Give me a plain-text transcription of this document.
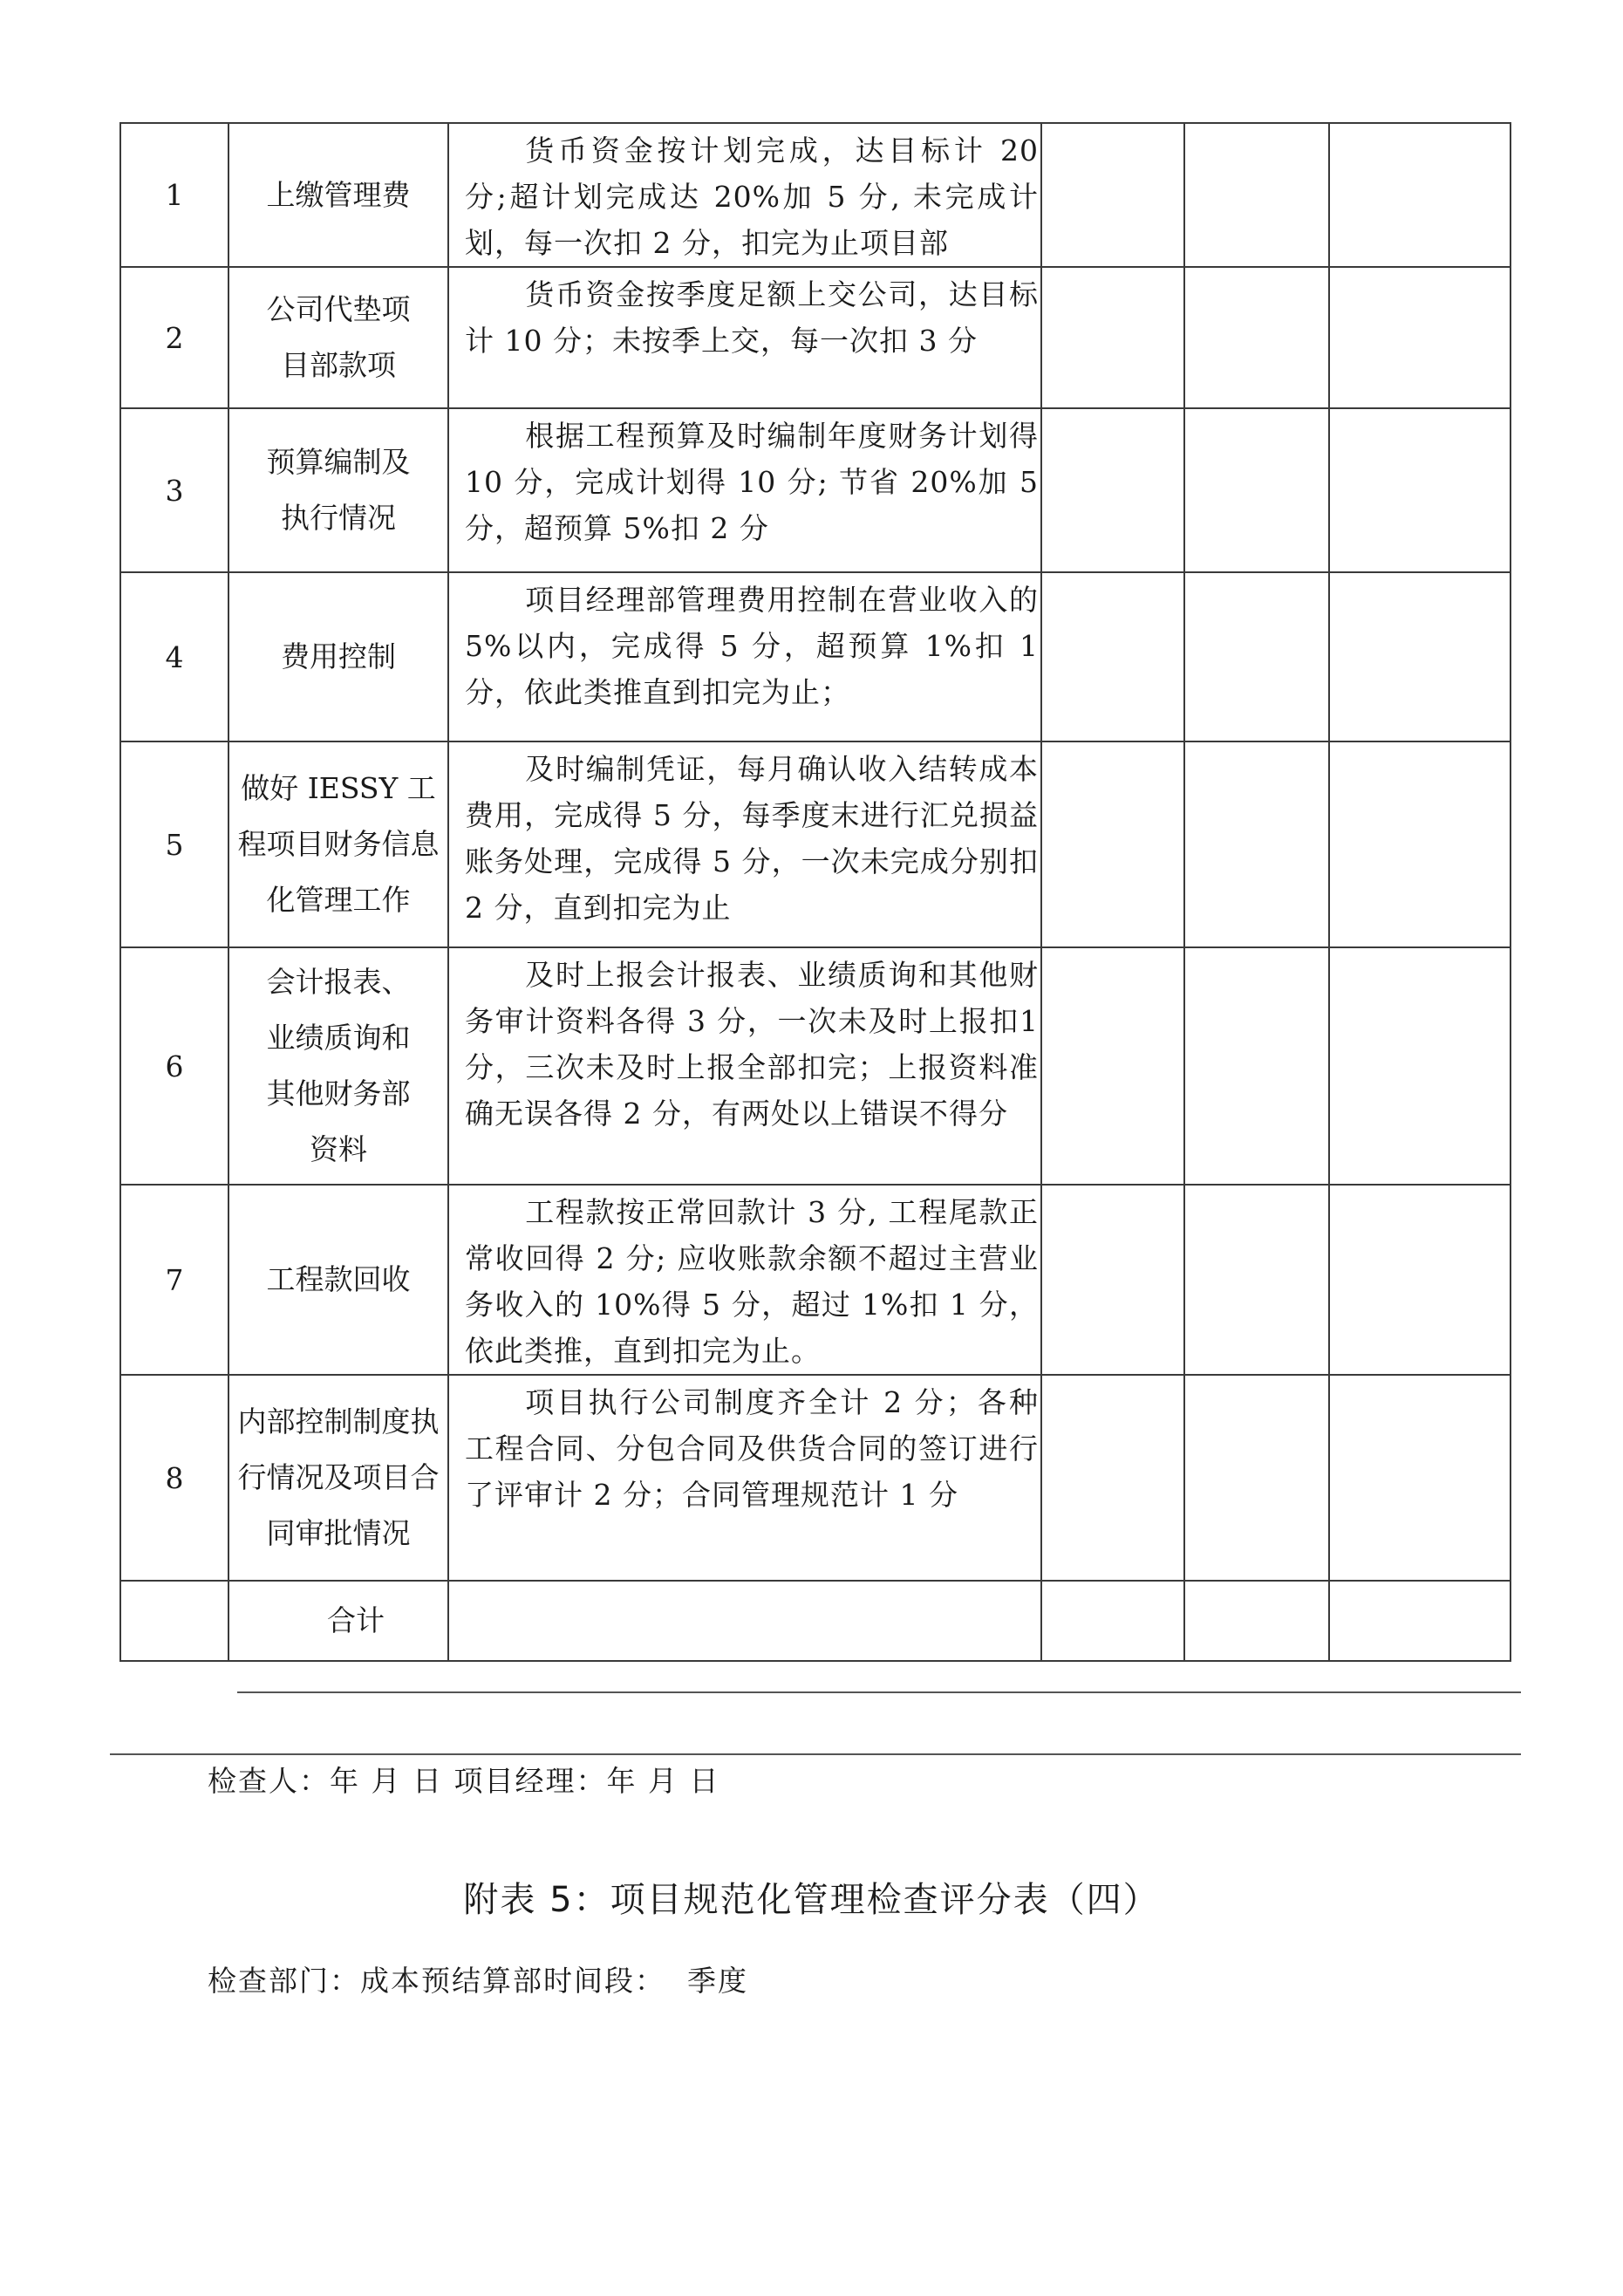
1	上缴管理费	货币资金按计划完成，达目标计 20 分;超计划完成达 20%加 5 分, 未完成计划，每一次扣 2 分，扣完为止项目部			

2	公司代垫项目部款项	货币资金按季度足额上交公司，达目标计 10 分；未按季上交，每一次扣 3 分			

3	预算编制及执行情况	根据工程预算及时编制年度财务计划得 10 分，完成计划得 10 分; 节省 20%加 5分，超预算 5%扣 2 分			

4	费用控制	项目经理部管理费用控制在营业收入的 5%以内，完成得 5 分，超预算 1%扣 1分，依此类推直到扣完为止；			

5	做好 IESSY 工程项目财务信息化管理工作	及时编制凭证，每月确认收入结转成本费用，完成得 5 分，每季度末进行汇兑损益账务处理，完成得 5 分，一次未完成分别扣 2 分，直到扣完为止			

6	会计报表、业绩质询和其他财务部资料	及时上报会计报表、业绩质询和其他财务审计资料各得 3 分，一次未及时上报扣1 分，三次未及时上报全部扣完；上报资料准确无误各得 2 分，有两处以上错误不得分			

7	工程款回收	工程款按正常回款计 3 分, 工程尾款正常收回得 2 分; 应收账款余额不超过主营业务收入的 10%得 5 分，超过 1%扣 1 分，依此类推，直到扣完为止。			

8	内部控制制度执行情况及项目合同审批情况	项目执行公司制度齐全计 2 分；各种工程合同、分包合同及供货合同的签订进行了评审计 2 分；合同管理规范计 1 分			

	合计				
检查人：年 月 日 项目经理：年 月 日
附表 5：项目规范化管理检查评分表（四）
检查部门：成本预结算部时间段：  季度
